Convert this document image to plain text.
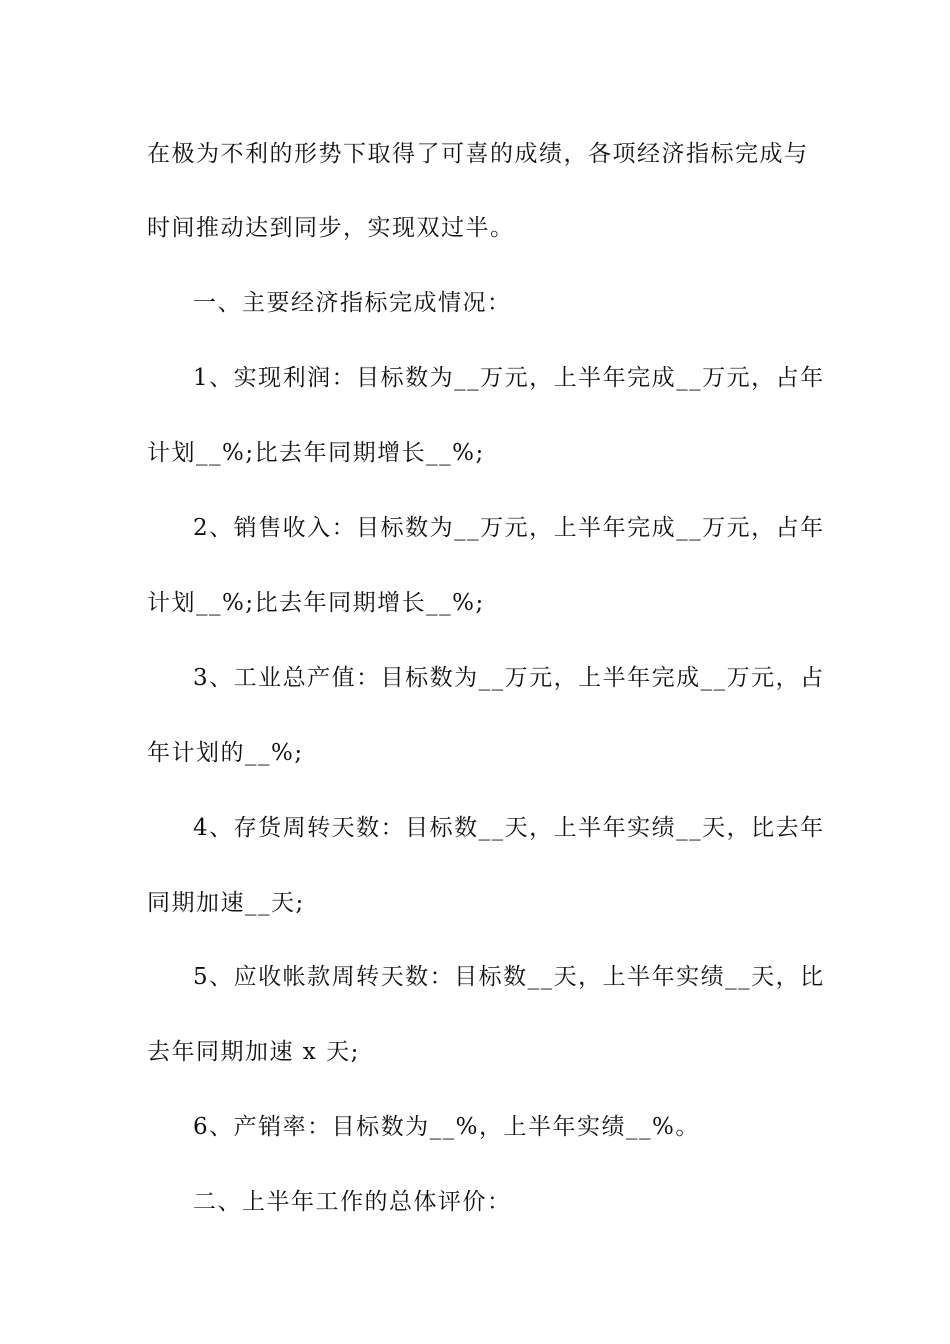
在极为不利的形势下取得了可喜的成绩，各项经济指标完成与
时间推动达到同步，实现双过半。
一、主要经济指标完成情况：
1、实现利润：目标数为__万元，上半年完成__万元，占年
计划__%;比去年同期增长__%;
2、销售收入：目标数为__万元，上半年完成__万元，占年
计划__%;比去年同期增长__%;
3、工业总产值：目标数为__万元，上半年完成__万元，占
年计划的__%;
4、存货周转天数：目标数__天，上半年实绩__天，比去年
同期加速__天;
5、应收帐款周转天数：目标数__天，上半年实绩__天，比
去年同期加速 x 天;
6、产销率：目标数为__%，上半年实绩__%。
二、上半年工作的总体评价：
